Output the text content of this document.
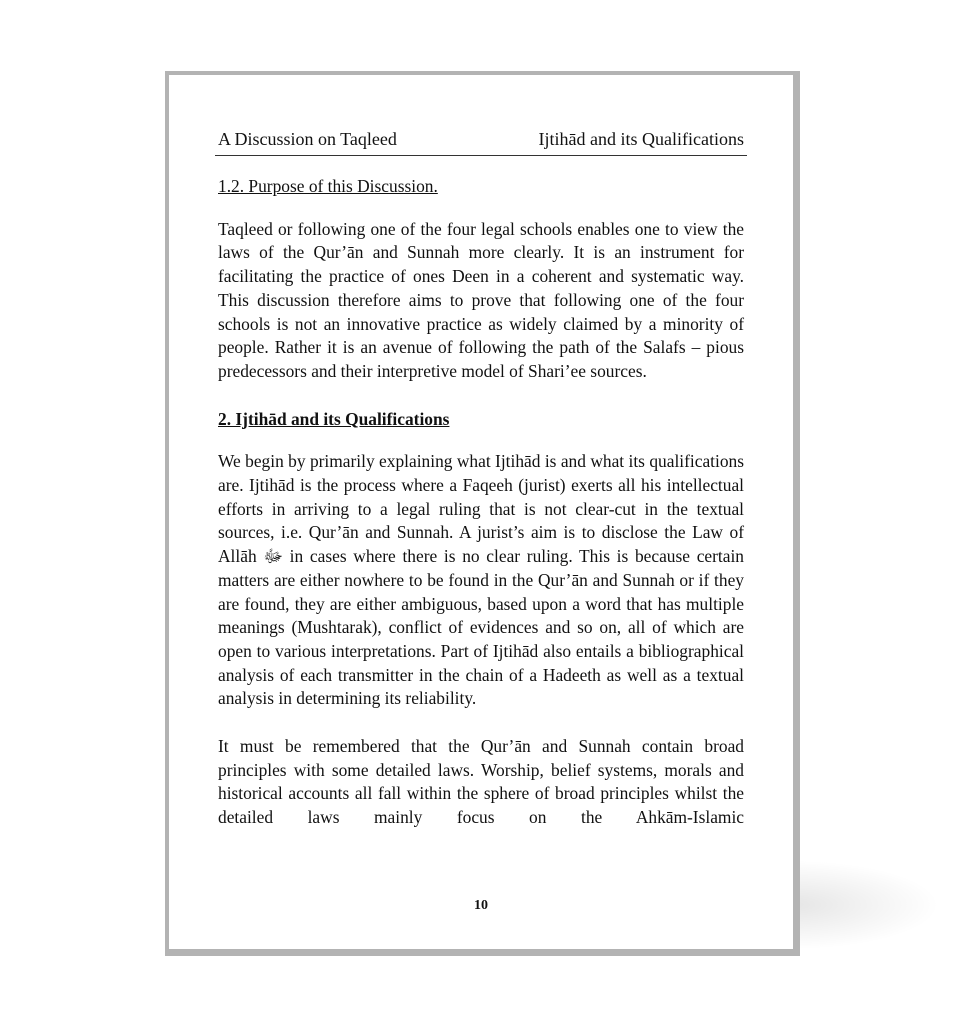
A Discussion on Taqleed	Ijtihād and its Qualifications
1.2. Purpose of this Discussion.

Taqleed or following one of the four legal schools enables one to view the laws of the Qur’ān and Sunnah more clearly. It is an instrument for facilitating the practice of ones Deen in a coherent and systematic way. This discussion therefore aims to prove that following one of the four schools is not an innovative practice as widely claimed by a minority of people. Rather it is an avenue of following the path of the Salafs – pious predecessors and their interpretive model of Shari’ee sources.

2. Ijtihād and its Qualifications

We begin by primarily explaining what Ijtihād is and what its qualifications are. Ijtihād is the process where a Faqeeh (jurist) exerts all his intellectual efforts in arriving to a legal ruling that is not clear-cut in the textual sources, i.e. Qur’ān and Sunnah. A jurist’s aim is to disclose the Law of Allāh ﷻ in cases where there is no clear ruling. This is because certain matters are either nowhere to be found in the Qur’ān and Sunnah or if they are found, they are either ambiguous, based upon a word that has multiple meanings (Mushtarak), conflict of evidences and so on, all of which are open to various interpretations. Part of Ijtihād also entails a bibliographical analysis of each transmitter in the chain of a Hadeeth as well as a textual analysis in determining its reliability.

It must be remembered that the Qur’ān and Sunnah contain broad principles with some detailed laws. Worship, belief systems, morals and historical accounts all fall within the sphere of broad principles whilst the detailed laws mainly focus on the Ahkām-Islamic

10
